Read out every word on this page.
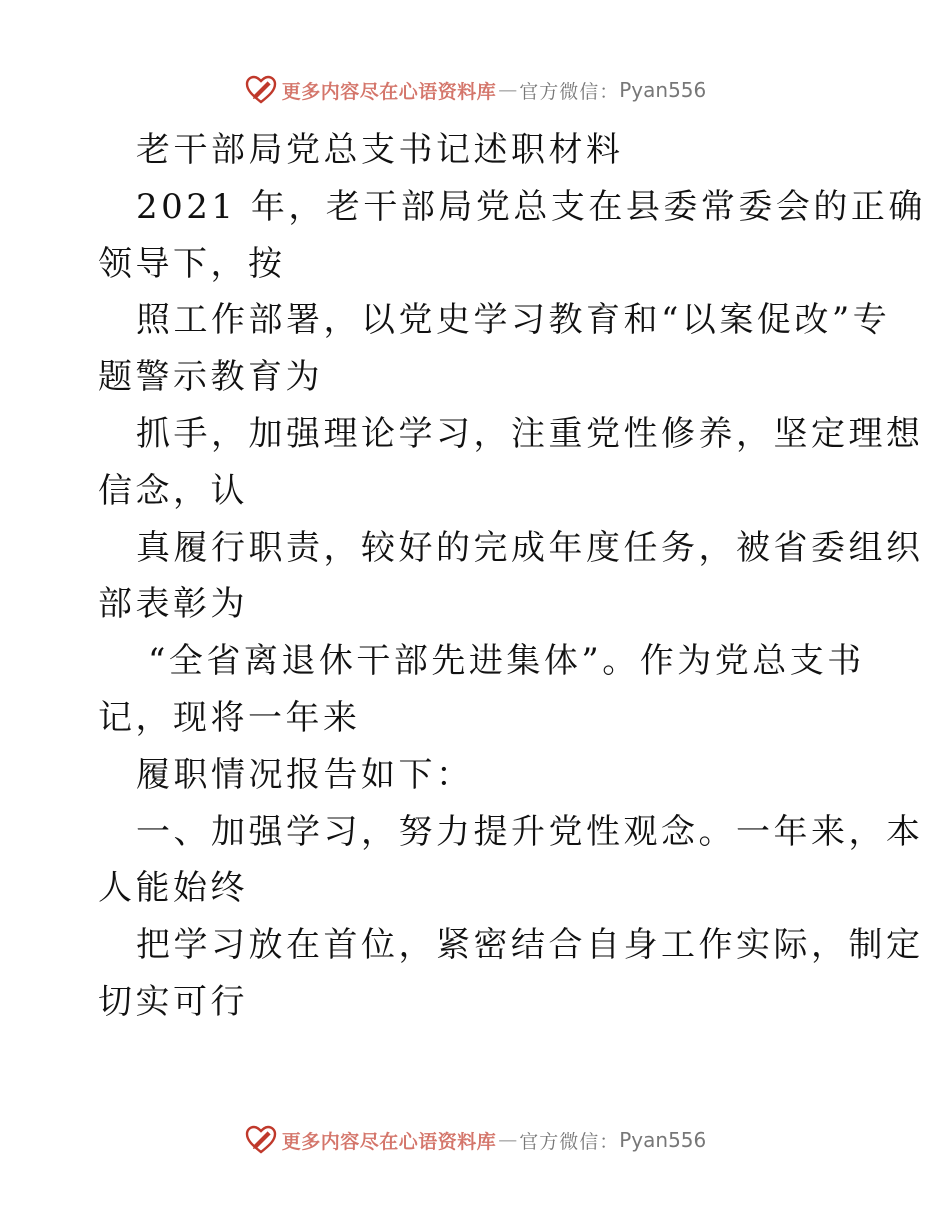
更多内容尽在心语资料库 — 官方微信： Pyan556
老干部局党总支书记述职材料
2021 年，老干部局党总支在县委常委会的正确
领导下，按
照工作部署，以党史学习教育和“以案促改”专
题警示教育为
抓手，加强理论学习，注重党性修养，坚定理想
信念，认
真履行职责，较好的完成年度任务，被省委组织
部表彰为
“全省离退休干部先进集体”。作为党总支书
记，现将一年来
履职情况报告如下：
一、加强学习，努力提升党性观念。一年来，本
人能始终
把学习放在首位，紧密结合自身工作实际，制定
切实可行
更多内容尽在心语资料库 — 官方微信： Pyan556
